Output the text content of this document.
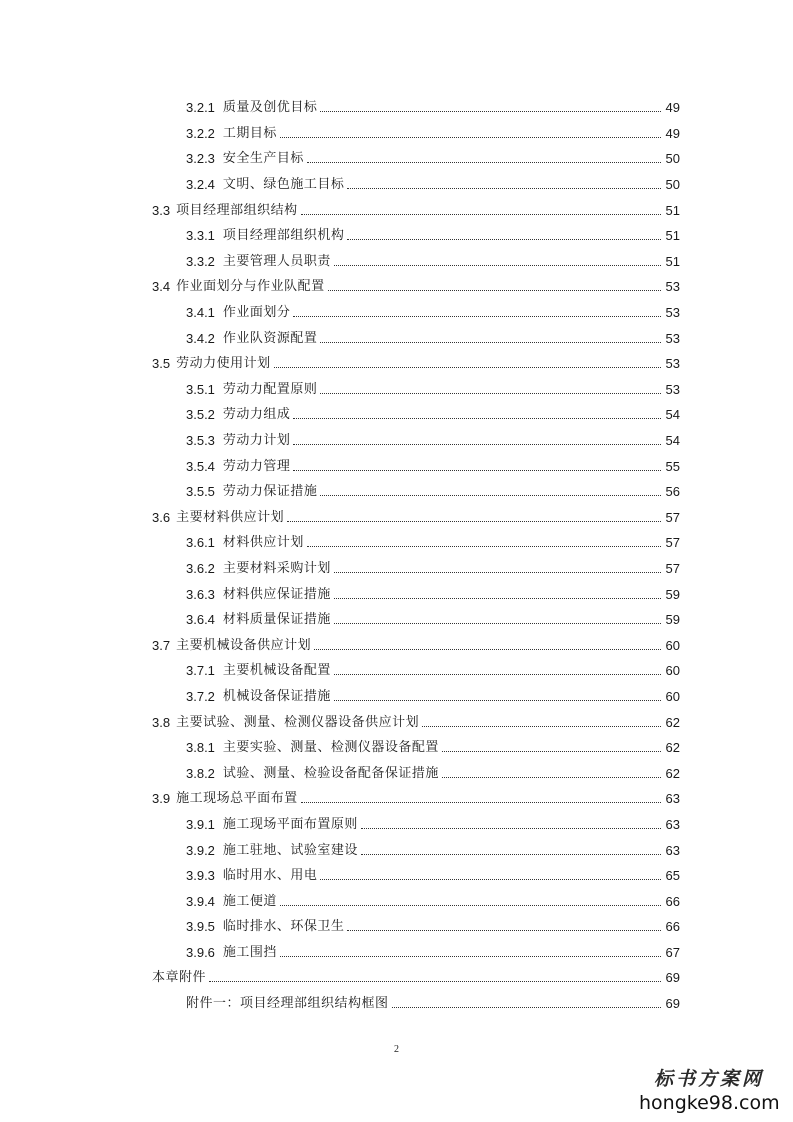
3.2.1 质量及创优目标	49
3.2.2 工期目标	49
3.2.3 安全生产目标	50
3.2.4 文明、绿色施工目标	50
3.3 项目经理部组织结构	51
3.3.1 项目经理部组织机构	51
3.3.2 主要管理人员职责	51
3.4 作业面划分与作业队配置	53
3.4.1 作业面划分	53
3.4.2 作业队资源配置	53
3.5 劳动力使用计划	53
3.5.1 劳动力配置原则	53
3.5.2 劳动力组成	54
3.5.3 劳动力计划	54
3.5.4 劳动力管理	55
3.5.5 劳动力保证措施	56
3.6 主要材料供应计划	57
3.6.1 材料供应计划	57
3.6.2 主要材料采购计划	57
3.6.3 材料供应保证措施	59
3.6.4 材料质量保证措施	59
3.7 主要机械设备供应计划	60
3.7.1 主要机械设备配置	60
3.7.2 机械设备保证措施	60
3.8 主要试验、测量、检测仪器设备供应计划	62
3.8.1 主要实验、测量、检测仪器设备配置	62
3.8.2 试验、测量、检验设备配备保证措施	62
3.9 施工现场总平面布置	63
3.9.1 施工现场平面布置原则	63
3.9.2 施工驻地、试验室建设	63
3.9.3 临时用水、用电	65
3.9.4 施工便道	66
3.9.5 临时排水、环保卫生	66
3.9.6 施工围挡	67
本章附件	69
附件一：项目经理部组织结构框图	69
2
标书方案网
hongke98.com
